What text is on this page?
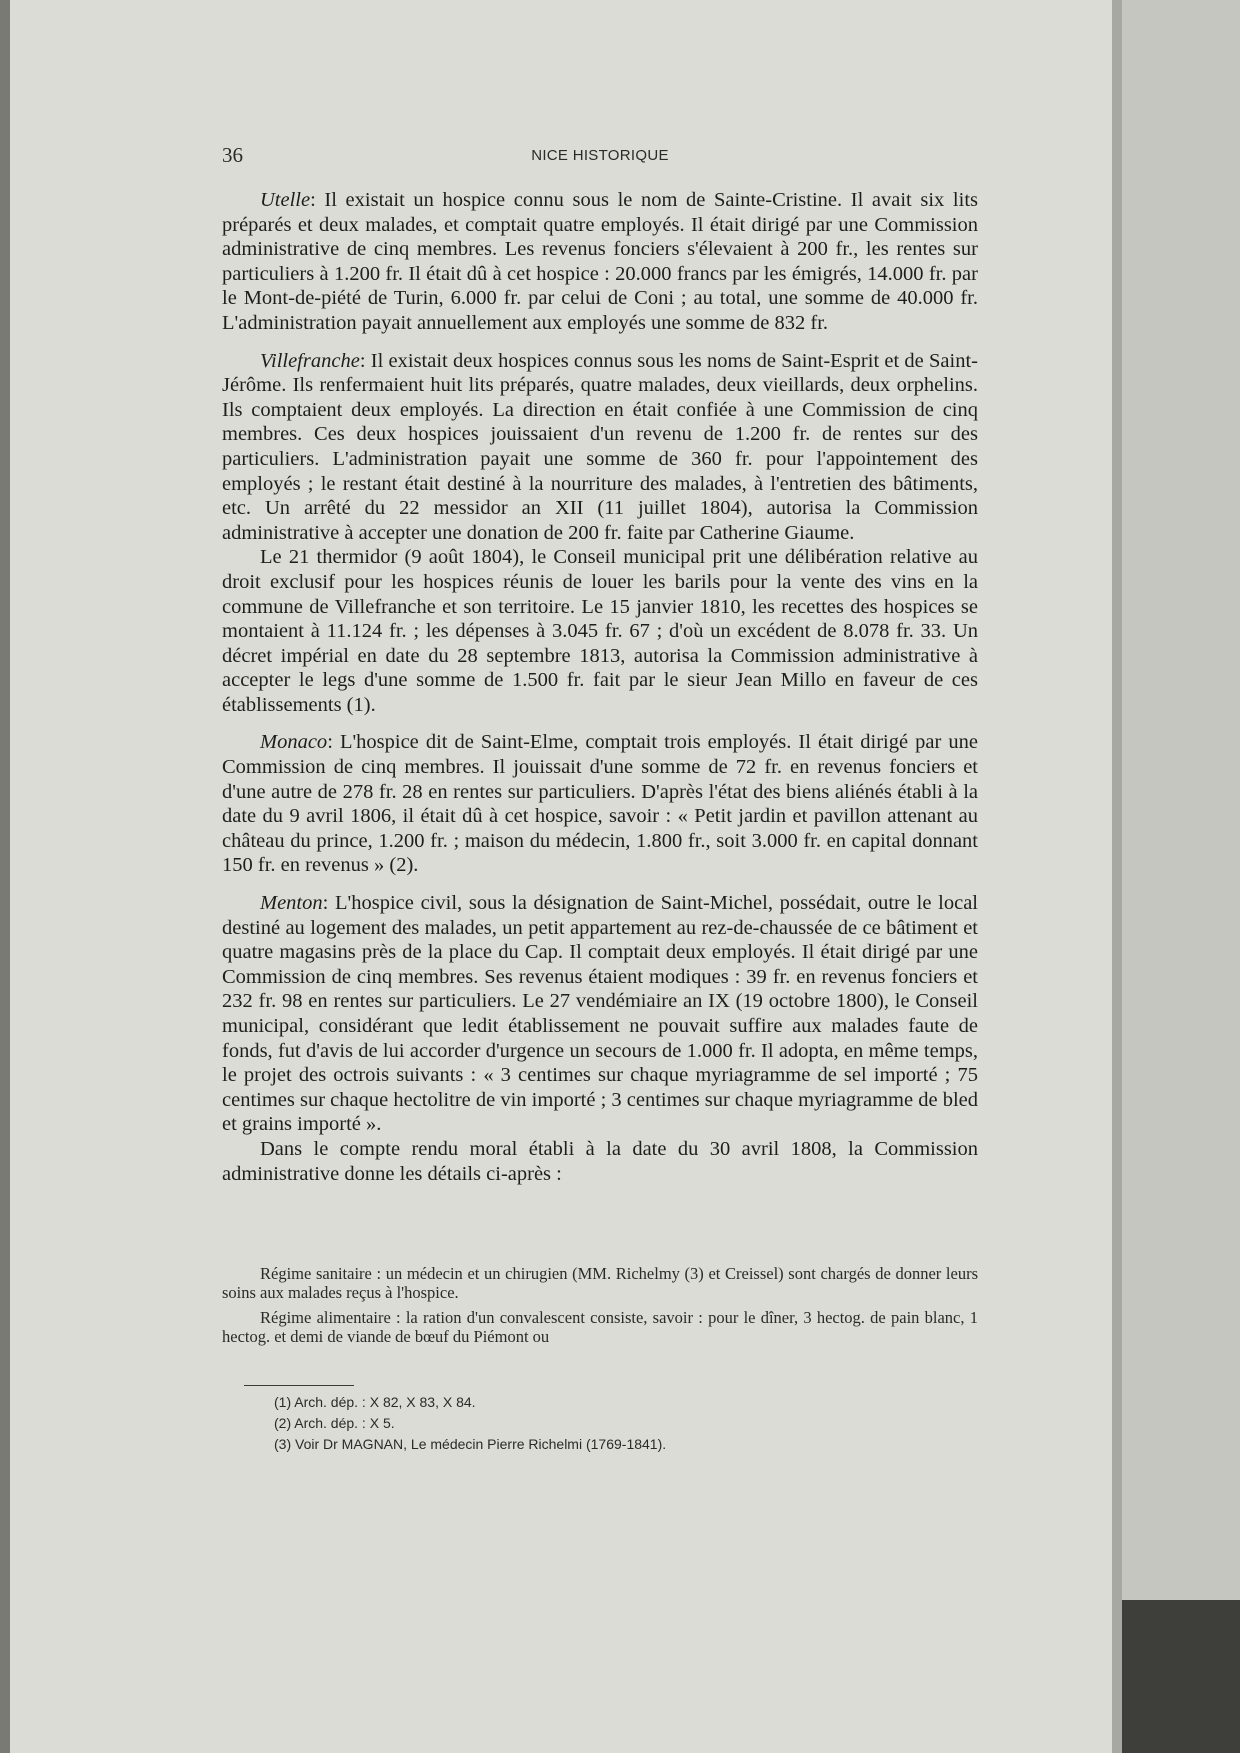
36	NICE HISTORIQUE

Utelle: Il existait un hospice connu sous le nom de Sainte-Cristine. Il avait six lits préparés et deux malades, et comptait quatre employés. Il était dirigé par une Commission administrative de cinq membres. Les revenus fonciers s'élevaient à 200 fr., les rentes sur particuliers à 1.200 fr. Il était dû à cet hospice : 20.000 francs par les émigrés, 14.000 fr. par le Mont-de-piété de Turin, 6.000 fr. par celui de Coni ; au total, une somme de 40.000 fr. L'administration payait annuellement aux employés une somme de 832 fr.

Villefranche: Il existait deux hospices connus sous les noms de Saint-Esprit et de Saint-Jérôme. Ils renfermaient huit lits préparés, quatre malades, deux vieillards, deux orphelins. Ils comptaient deux employés. La direction en était confiée à une Commission de cinq membres. Ces deux hospices jouissaient d'un revenu de 1.200 fr. de rentes sur des particuliers. L'administration payait une somme de 360 fr. pour l'appointement des employés ; le restant était destiné à la nourriture des malades, à l'entretien des bâtiments, etc. Un arrêté du 22 messidor an XII (11 juillet 1804), autorisa la Commission administrative à accepter une donation de 200 fr. faite par Catherine Giaume.

Le 21 thermidor (9 août 1804), le Conseil municipal prit une délibération relative au droit exclusif pour les hospices réunis de louer les barils pour la vente des vins en la commune de Villefranche et son territoire. Le 15 janvier 1810, les recettes des hospices se montaient à 11.124 fr. ; les dépenses à 3.045 fr. 67 ; d'où un excédent de 8.078 fr. 33. Un décret impérial en date du 28 septembre 1813, autorisa la Commission administrative à accepter le legs d'une somme de 1.500 fr. fait par le sieur Jean Millo en faveur de ces établissements (1).

Monaco: L'hospice dit de Saint-Elme, comptait trois employés. Il était dirigé par une Commission de cinq membres. Il jouissait d'une somme de 72 fr. en revenus fonciers et d'une autre de 278 fr. 28 en rentes sur particuliers. D'après l'état des biens aliénés établi à la date du 9 avril 1806, il était dû à cet hospice, savoir : « Petit jardin et pavillon attenant au château du prince, 1.200 fr. ; maison du médecin, 1.800 fr., soit 3.000 fr. en capital donnant 150 fr. en revenus » (2).

Menton: L'hospice civil, sous la désignation de Saint-Michel, possédait, outre le local destiné au logement des malades, un petit appartement au rez-de-chaussée de ce bâtiment et quatre magasins près de la place du Cap. Il comptait deux employés. Il était dirigé par une Commission de cinq membres. Ses revenus étaient modiques : 39 fr. en revenus fonciers et 232 fr. 98 en rentes sur particuliers. Le 27 vendémiaire an IX (19 octobre 1800), le Conseil municipal, considérant que ledit établissement ne pouvait suffire aux malades faute de fonds, fut d'avis de lui accorder d'urgence un secours de 1.000 fr. Il adopta, en même temps, le projet des octrois suivants : « 3 centimes sur chaque myriagramme de sel importé ; 75 centimes sur chaque hectolitre de vin importé ; 3 centimes sur chaque myriagramme de bled et grains importé ».

Dans le compte rendu moral établi à la date du 30 avril 1808, la Commission administrative donne les détails ci-après :

Régime sanitaire : un médecin et un chirugien (MM. Richelmy (3) et Creissel) sont chargés de donner leurs soins aux malades reçus à l'hospice.

Régime alimentaire : la ration d'un convalescent consiste, savoir : pour le dîner, 3 hectog. de pain blanc, 1 hectog. et demi de viande de bœuf du Piémont ou

(1) Arch. dép. : X 82, X 83, X 84.
(2) Arch. dép. : X 5.
(3) Voir Dr MAGNAN, Le médecin Pierre Richelmi (1769-1841).
